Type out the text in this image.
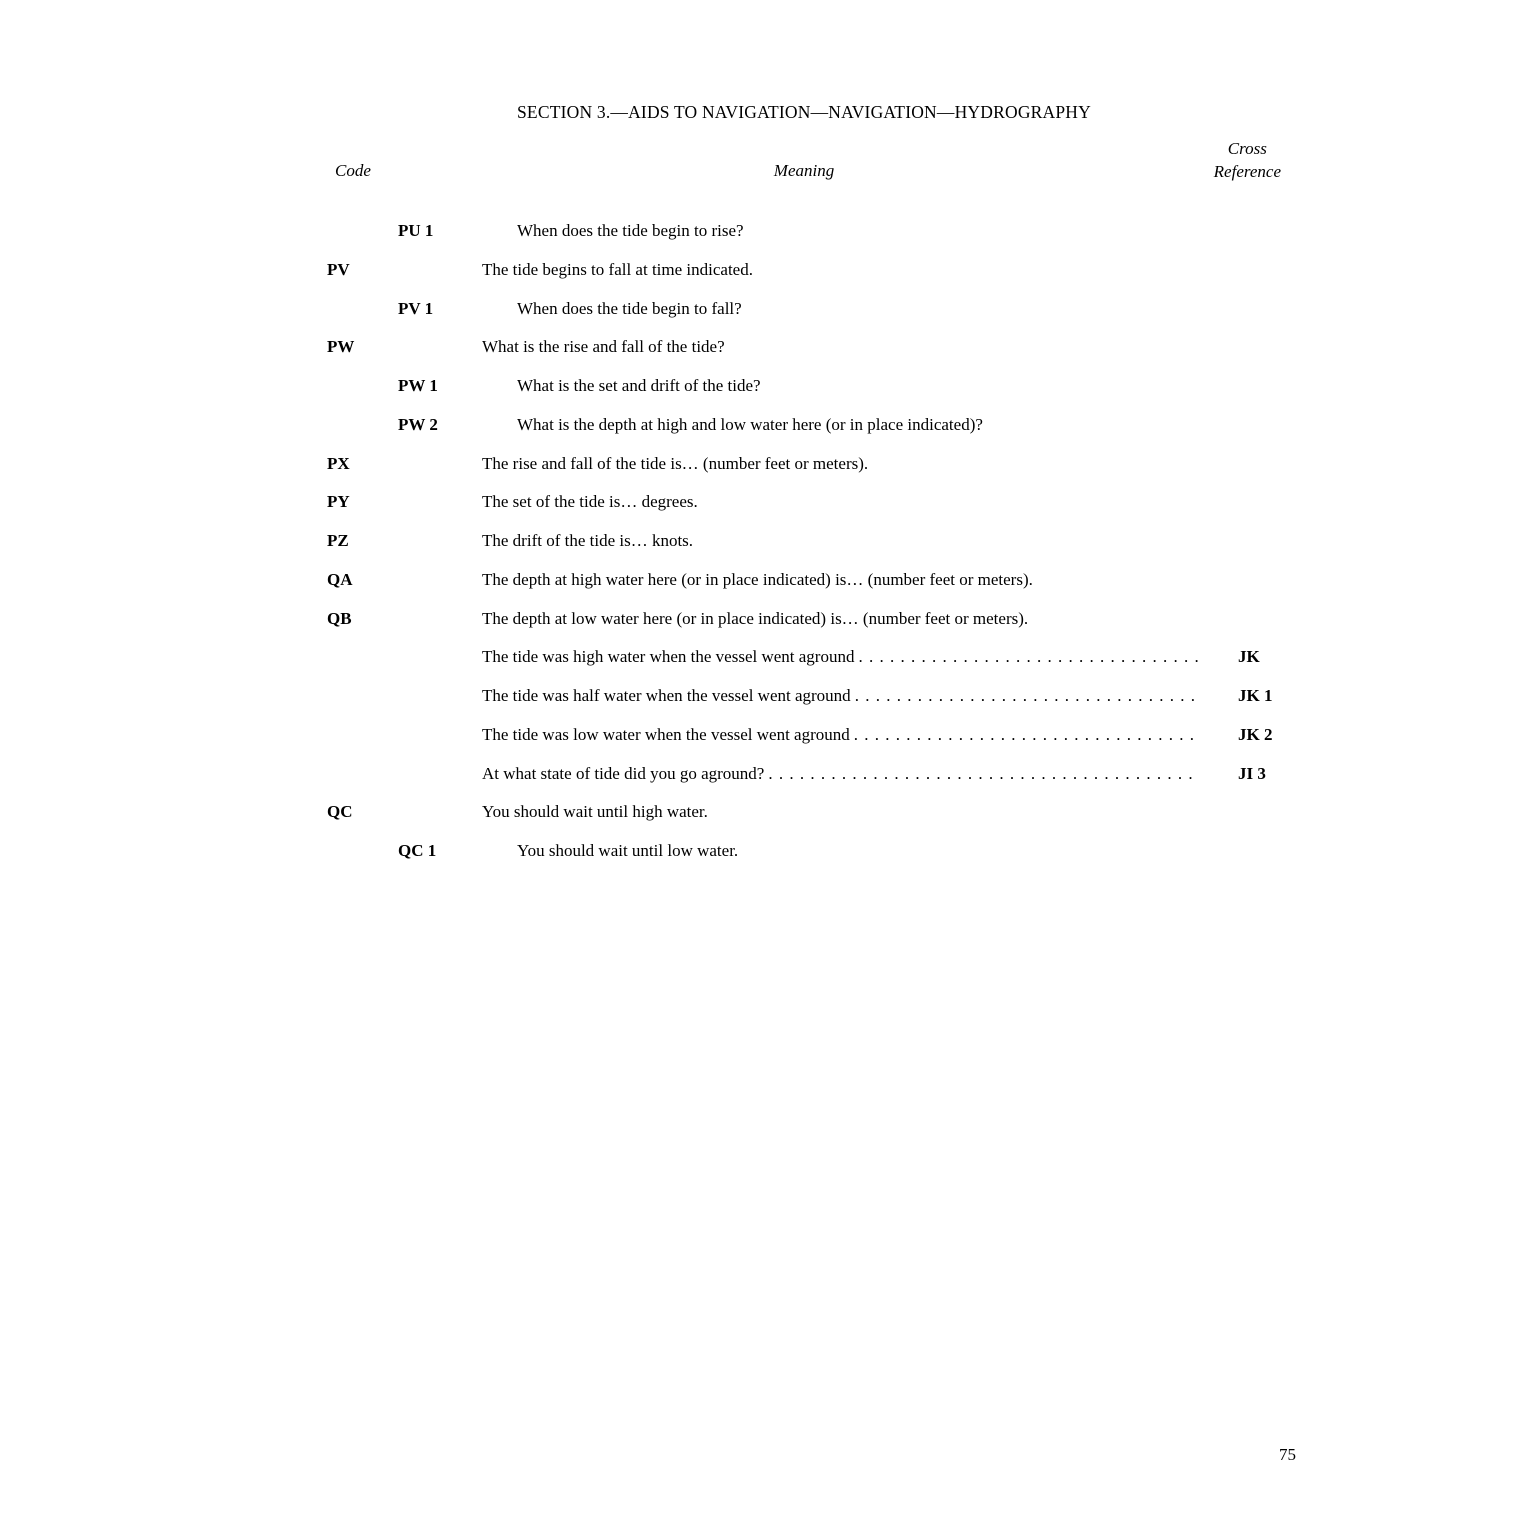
SECTION 3.—AIDS TO NAVIGATION—NAVIGATION—HYDROGRAPHY
Cross
Reference
Code	Meaning
PU 1	When does the tide begin to rise?
PV	The tide begins to fall at time indicated.
PV 1	When does the tide begin to fall?
PW	What is the rise and fall of the tide?
PW 1	What is the set and drift of the tide?
PW 2	What is the depth at high and low water here (or in place indicated)?
PX	The rise and fall of the tide is… (number feet or meters).
PY	The set of the tide is… degrees.
PZ	The drift of the tide is… knots.
QA	The depth at high water here (or in place indicated) is… (number feet or meters).
QB	The depth at low water here (or in place indicated) is… (number feet or meters).
The tide was high water when the vessel went aground . . .	JK
The tide was half water when the vessel went aground . . .	JK 1
The tide was low water when the vessel went aground . . .	JK 2
At what state of tide did you go aground? . . .	JI 3
QC	You should wait until high water.
QC 1	You should wait until low water.
75
